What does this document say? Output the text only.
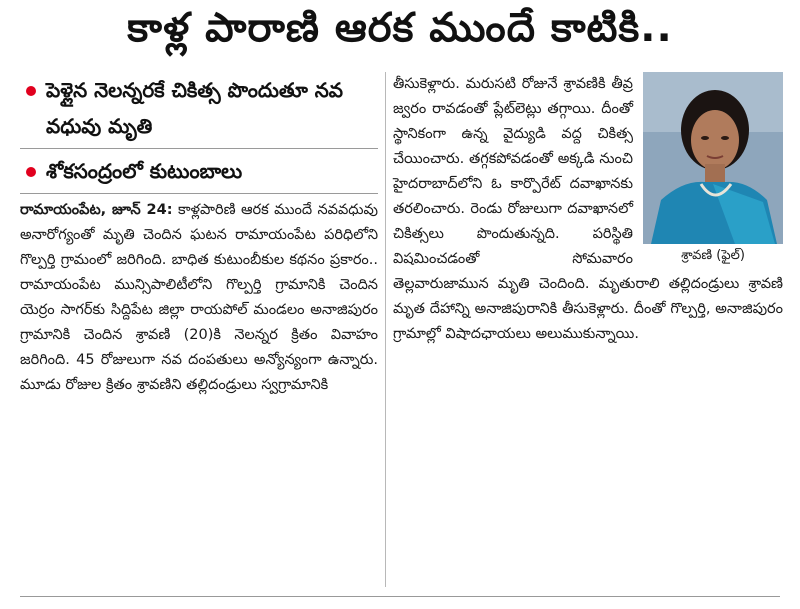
కాళ్ల పారాణి ఆరక ముందే కాటికి..
పెళ్లైన నెలన్నరకే చికిత్స పొందుతూ నవ వధువు మృతి
శోకసంద్రంలో కుటుంబాలు
రామాయంపేట, జూన్ 24: కాళ్లపారిణి ఆరక ముందే నవవధువు అనారోగ్యంతో మృతి చెందిన ఘటన రామాయంపేట పరిధిలోని గొల్పర్తి గ్రామంలో జరిగింది. బాధిత కుటుంబీకుల కథనం ప్రకారం.. రామాయంపేట మున్సిపాలిటీలోని గొల్పర్తి గ్రామానికి చెందిన యెర్రం సాగర్‌కు సిద్దిపేట జిల్లా రాయపోల్ మండలం అనాజిపురం గ్రామానికి చెందిన శ్రావణి (20)కి నెలన్నర క్రితం వివాహం జరిగింది. 45 రోజులుగా నవ దంపతులు అన్యోన్యంగా ఉన్నారు. మూడు రోజుల క్రితం శ్రావణిని తల్లిదండ్రులు స్వగ్రామానికి
శ్రావణి (ఫైల్)
తీసుకెళ్లారు. మరుసటి రోజునే శ్రావణికి తీవ్ర జ్వరం రావడంతో ప్లేట్‌లెట్లు తగ్గాయి. దీంతో స్థానికంగా ఉన్న వైద్యుడి వద్ద చికిత్స చేయించారు. తగ్గకపోవడంతో అక్కడి నుంచి హైదరాబాద్‌లోని ఓ కార్పొరేట్ దవాఖానకు తరలించారు. రెండు రోజులుగా దవాఖానలో చికిత్సలు పొందుతున్నది. పరిస్థితి విషమించడంతో సోమవారం తెల్లవారుజామున మృతి చెందింది. మృతురాలి తల్లిదండ్రులు శ్రావణి మృత దేహాన్ని అనాజిపురానికి తీసుకెళ్లారు. దీంతో గొల్పర్తి, అనాజిపురం గ్రామాల్లో విషాదఛాయలు అలుముకున్నాయి.
